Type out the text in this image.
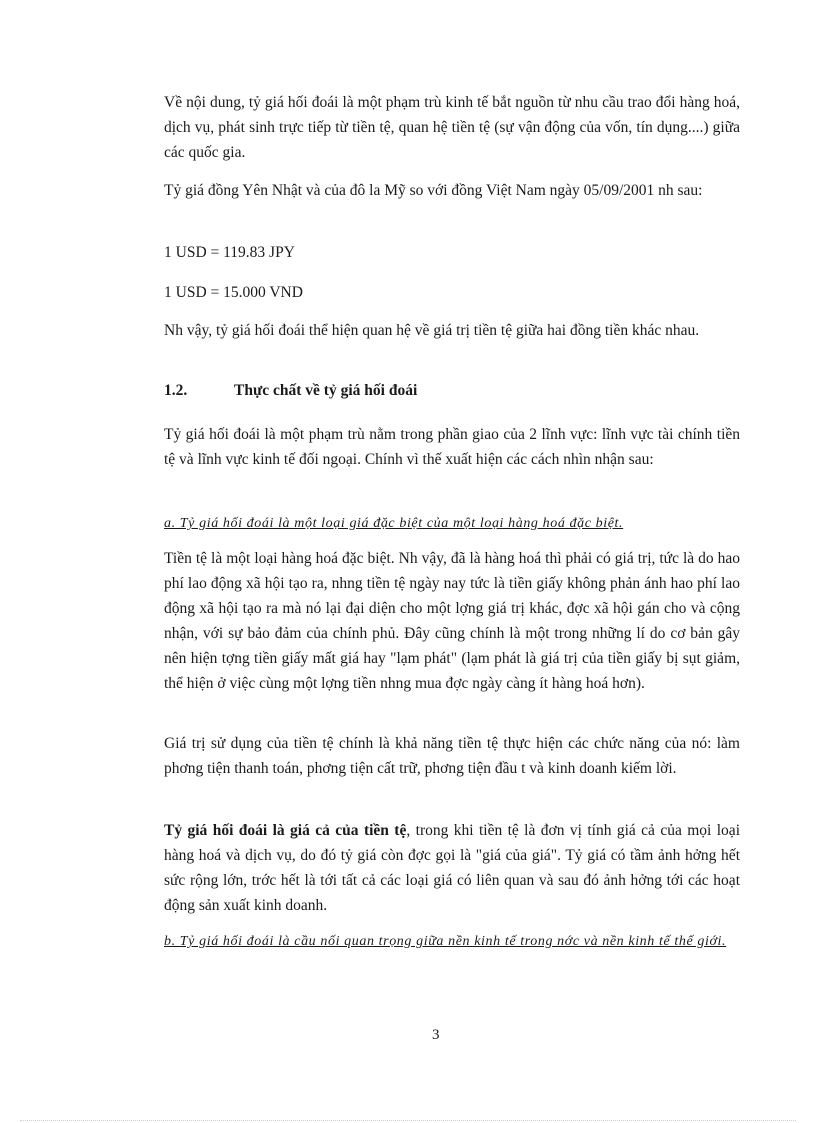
Về nội dung, tỷ giá hối đoái là một phạm trù kinh tế bắt nguồn từ nhu cầu trao đổi hàng hoá, dịch vụ, phát sinh trực tiếp từ tiền tệ, quan hệ tiền tệ (sự vận động của vốn, tín dụng....) giữa các quốc gia.

Tỷ giá đồng Yên Nhật và của đô la Mỹ so với đồng Việt Nam ngày 05/09/2001 nh sau:

1 USD = 119.83 JPY
1 USD = 15.000 VND

Nh vậy, tỷ giá hối đoái thể hiện quan hệ về giá trị tiền tệ giữa hai đồng tiền khác nhau.

1.2.	Thực chất về tỷ giá hối đoái

Tỷ giá hối đoái là một phạm trù nằm trong phần giao của 2 lĩnh vực: lĩnh vực tài chính tiền tệ và lĩnh vực kinh tế đối ngoại. Chính vì thế xuất hiện các cách nhìn nhận sau:

a. Tỷ giá hối đoái là một loại giá đặc biệt của một loại hàng hoá đặc biệt.

Tiền tệ là một loại hàng hoá đặc biệt. Nh vậy, đã là hàng hoá thì phải có giá trị, tức là do hao phí lao động xã hội tạo ra, nhng tiền tệ ngày nay tức là tiền giấy không phản ánh hao phí lao động xã hội tạo ra mà nó lại đại diện cho một lợng giá trị khác, đợc xã hội gán cho và cộng nhận, với sự bảo đảm của chính phủ. Đây cũng chính là một trong những lí do cơ bản gây nên hiện tợng tiền giấy mất giá hay "lạm phát" (lạm phát là giá trị của tiền giấy bị sụt giảm, thể hiện ở việc cùng một lợng tiền nhng mua đợc ngày càng ít hàng hoá hơn).

Giá trị sử dụng của tiền tệ chính là khả năng tiền tệ thực hiện các chức năng của nó: làm phơng tiện thanh toán, phơng tiện cất trữ, phơng tiện đầu t và kinh doanh kiếm lời.

Tỷ giá hối đoái là giá cả của tiền tệ, trong khi tiền tệ là đơn vị tính giá cả của mọi loại hàng hoá và dịch vụ, do đó tỷ giá còn đợc gọi là "giá của giá". Tỷ giá có tầm ảnh hởng hết sức rộng lớn, trớc hết là tới tất cả các loại giá có liên quan và sau đó ảnh hởng tới các hoạt động sản xuất kinh doanh.

b. Tỷ giá hối đoái là cầu nối quan trọng giữa nền kinh tế trong nớc và nền kinh tế thế giới.
3
